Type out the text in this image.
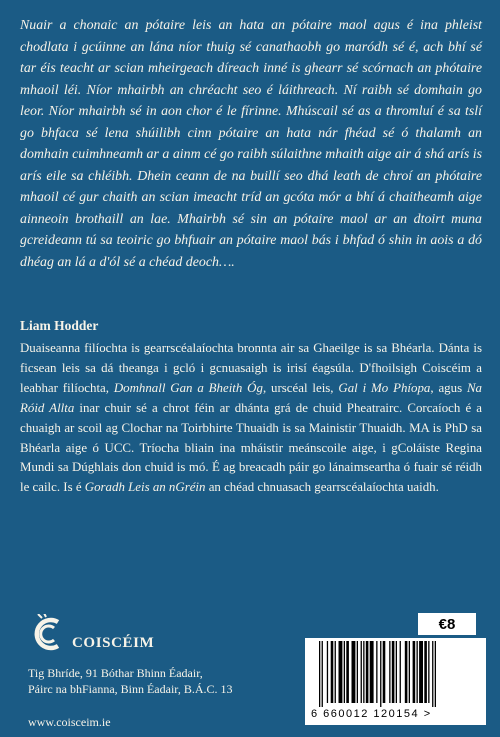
Nuair a chonaic an pótaire leis an hata an pótaire maol agus é ina phleist chodlata i gcúinne an lána níor thuig sé canathaobh go maródh sé é, ach bhí sé tar éis teacht ar scian mheirgeach díreach inné is ghearr sé scórnach an phótaire mhaoil léi. Níor mhairbh an chréacht seo é láithreach. Ní raibh sé domhain go leor. Níor mhairbh sé in aon chor é le fírinne. Mhúscail sé as a thromluí é sa tslí go bhfaca sé lena shúilibh cinn pótaire an hata nár fhéad sé ó thalamh an domhain cuimhneamh ar a ainm cé go raibh súlaithne mhaith aige air á shá arís is arís eile sa chléibh. Dhein ceann de na buillí seo dhá leath de chroí an phótaire mhaoil cé gur chaith an scian imeacht tríd an gcóta mór a bhí á chaitheamh aige ainneoin brothaill an lae. Mhairbh sé sin an pótaire maol ar an dtoirt muna gcreideann tú sa teoiric go bhfuair an pótaire maol bás i bhfad ó shin in aois a dó dhéag an lá a d'ól sé a chéad deoch….

Liam Hodder

Duaiseanna filíochta is gearrscéalaíochta bronnta air sa Ghaeilge is sa Bhéarla. Dánta is ficsean leis sa dá theanga i gcló i gcnuasaigh is irisí éagsúla. D'fhoilsigh Coiscéim a leabhar filíochta, Domhnall Gan a Bheith Óg, urscéal leis, Gal i Mo Phíopa, agus Na Róid Allta inar chuir sé a chrot féin ar dhánta grá de chuid Pheatrairc. Corcaíoch é a chuaigh ar scoil ag Clochar na Toirbhirte Thuaidh is sa Mainistir Thuaidh. MA is PhD sa Bhéarla aige ó UCC. Tríocha bliain ina mháistir meánscoile aige, i gColáiste Regina Mundi sa Dúghlais don chuid is mó. É ag breacadh páir go lánaimseartha ó fuair sé réidh le cailc. Is é Goradh Leis an nGréin an chéad chnuasach gearrscéalaíochta uaidh.

COISCÉIM

Tig Bhríde, 91 Bóthar Bhinn Éadair,
Páirc na bhFianna, Binn Éadair, B.Á.C. 13

www.coisceim.ie
€8
6 660012 120154 >
